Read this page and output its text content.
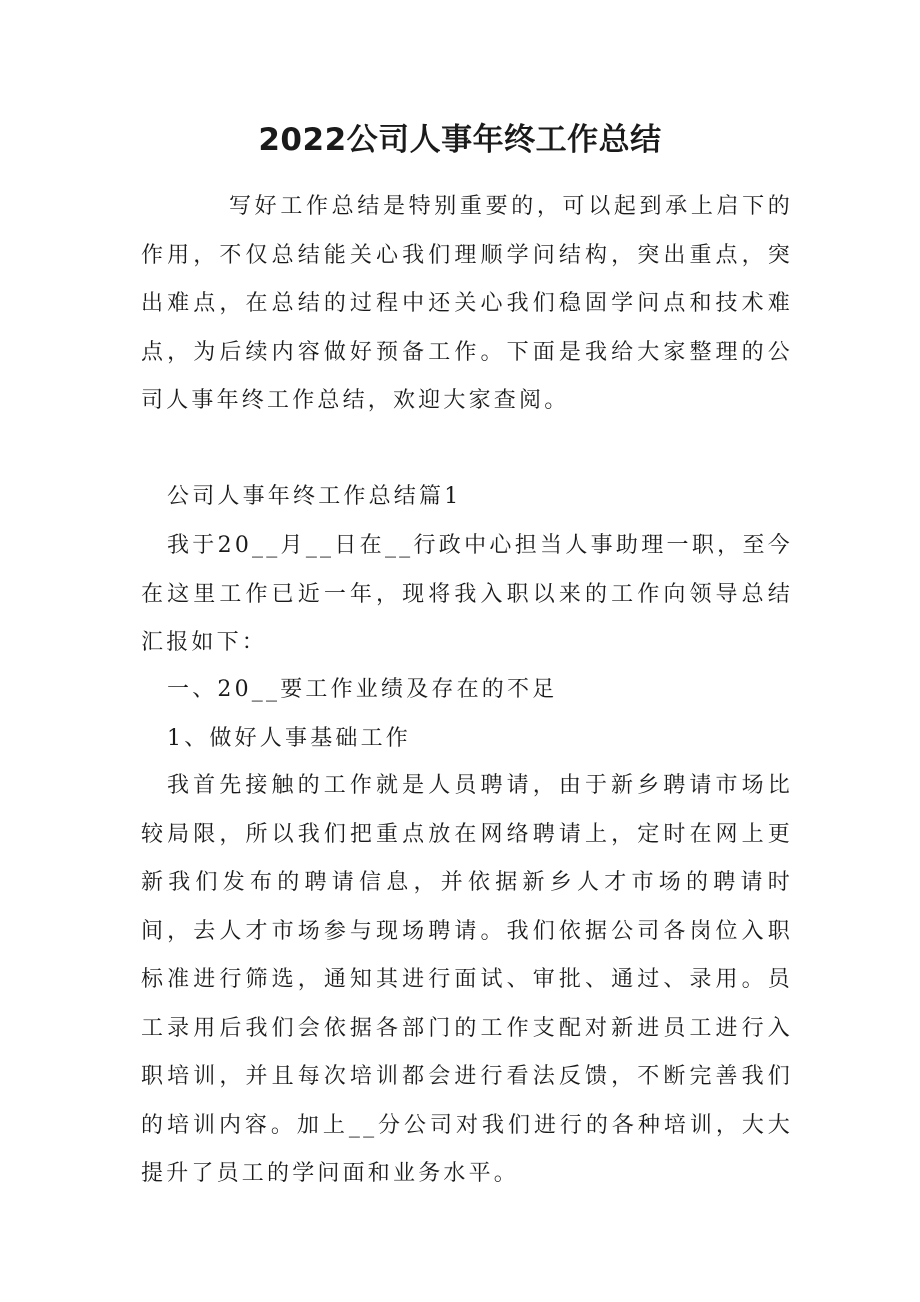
2022公司人事年终工作总结
写好工作总结是特别重要的，可以起到承上启下的作用，不仅总结能关心我们理顺学问结构，突出重点，突出难点，在总结的过程中还关心我们稳固学问点和技术难点，为后续内容做好预备工作。下面是我给大家整理的公司人事年终工作总结，欢迎大家查阅。
公司人事年终工作总结篇1
我于20__月__日在__行政中心担当人事助理一职，至今在这里工作已近一年，现将我入职以来的工作向领导总结汇报如下：
一、20__要工作业绩及存在的不足
1、做好人事基础工作
我首先接触的工作就是人员聘请，由于新乡聘请市场比较局限，所以我们把重点放在网络聘请上，定时在网上更新我们发布的聘请信息，并依据新乡人才市场的聘请时间，去人才市场参与现场聘请。我们依据公司各岗位入职标准进行筛选，通知其进行面试、审批、通过、录用。员工录用后我们会依据各部门的工作支配对新进员工进行入职培训，并且每次培训都会进行看法反馈，不断完善我们的培训内容。加上__分公司对我们进行的各种培训，大大提升了员工的学问面和业务水平。
